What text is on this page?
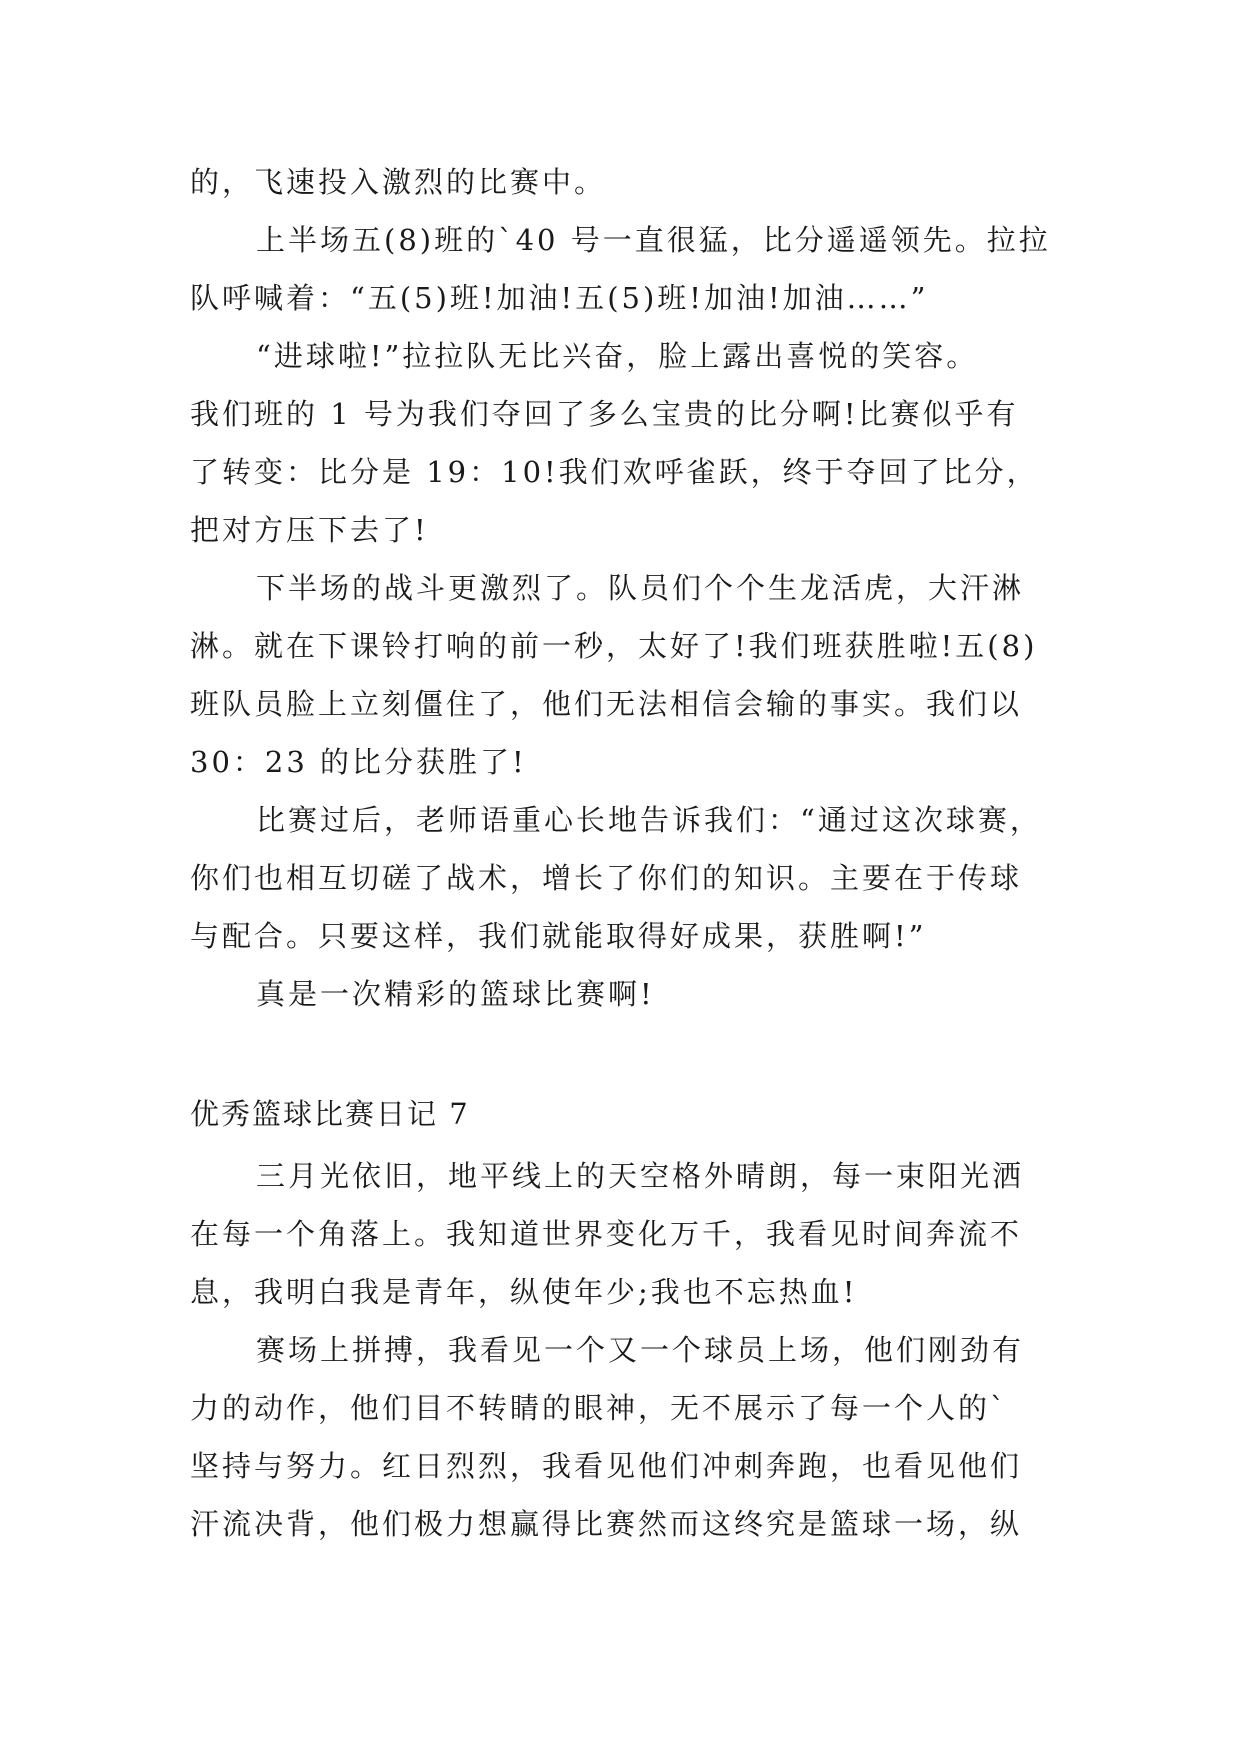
的，飞速投入激烈的比赛中。
上半场五(8)班的`40 号一直很猛，比分遥遥领先。拉拉
队呼喊着：“五(5)班!加油!五(5)班!加油!加油……”
“进球啦!”拉拉队无比兴奋，脸上露出喜悦的笑容。
我们班的 1 号为我们夺回了多么宝贵的比分啊!比赛似乎有
了转变：比分是 19：10!我们欢呼雀跃，终于夺回了比分，
把对方压下去了!
下半场的战斗更激烈了。队员们个个生龙活虎，大汗淋
淋。就在下课铃打响的前一秒，太好了!我们班获胜啦!五(8)
班队员脸上立刻僵住了，他们无法相信会输的事实。我们以
30：23 的比分获胜了!
比赛过后，老师语重心长地告诉我们：“通过这次球赛，
你们也相互切磋了战术，增长了你们的知识。主要在于传球
与配合。只要这样，我们就能取得好成果，获胜啊!”
真是一次精彩的篮球比赛啊!
优秀篮球比赛日记 7
三月光依旧，地平线上的天空格外晴朗，每一束阳光洒
在每一个角落上。我知道世界变化万千，我看见时间奔流不
息，我明白我是青年，纵使年少;我也不忘热血!
赛场上拼搏，我看见一个又一个球员上场，他们刚劲有
力的动作，他们目不转睛的眼神，无不展示了每一个人的`
坚持与努力。红日烈烈，我看见他们冲刺奔跑，也看见他们
汗流决背，他们极力想赢得比赛然而这终究是篮球一场，纵
